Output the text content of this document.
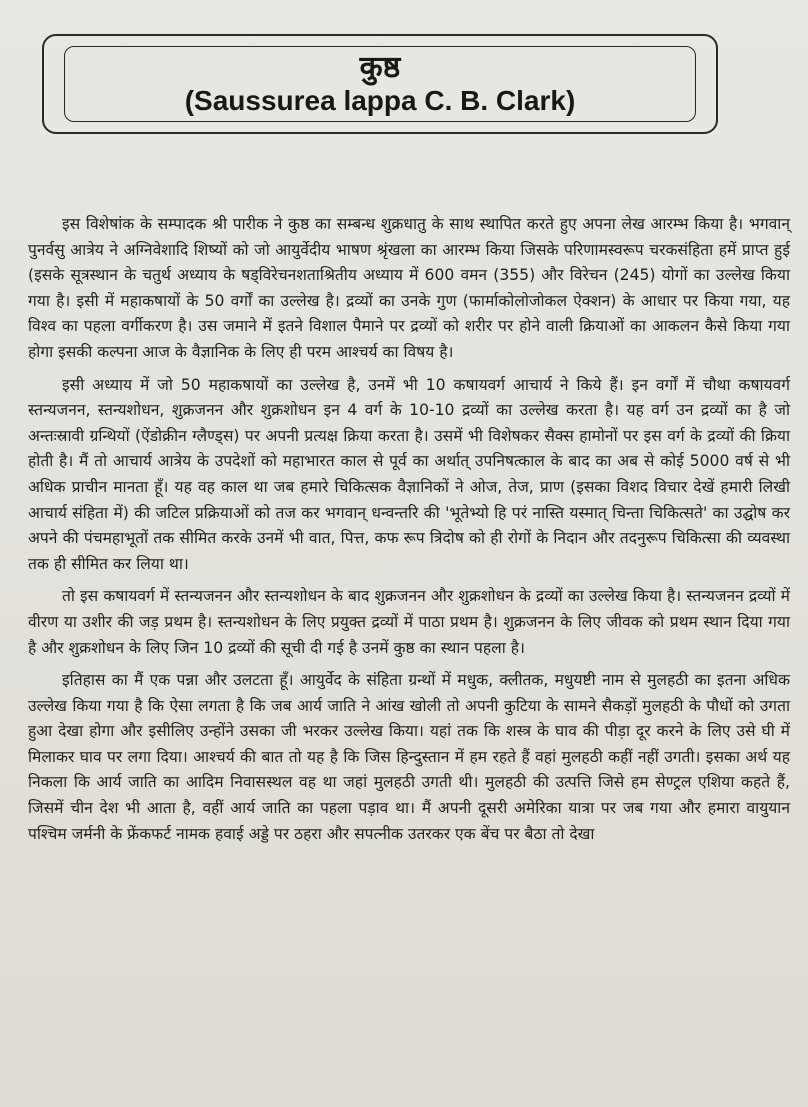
कुष्ठ
(Saussurea lappa C. B. Clark)

इस विशेषांक के सम्पादक श्री पारीक ने कुष्ठ का सम्बन्ध शुक्रधातु के साथ स्थापित करते हुए अपना लेख आरम्भ किया है। भगवान् पुनर्वसु आत्रेय ने अग्निवेशादि शिष्यों को जो आयुर्वेदीय भाषण श्रृंखला का आरम्भ किया जिसके परिणामस्वरूप चरकसंहिता हमें प्राप्त हुई (इसके सूत्रस्थान के चतुर्थ अध्याय के षड्विरेचनशताश्रितीय अध्याय में 600 वमन (355) और विरेचन (245) योगों का उल्लेख किया गया है। इसी में महाकषायों के 50 वर्गों का उल्लेख है। द्रव्यों का उनके गुण (फार्माकोलोजोकल ऐक्शन) के आधार पर किया गया, यह विश्व का पहला वर्गीकरण है। उस जमाने में इतने विशाल पैमाने पर द्रव्यों को शरीर पर होने वाली क्रियाओं का आकलन कैसे किया गया होगा इसकी कल्पना आज के वैज्ञानिक के लिए ही परम आश्चर्य का विषय है।

इसी अध्याय में जो 50 महाकषायों का उल्लेख है, उनमें भी 10 कषायवर्ग आचार्य ने किये हैं। इन वर्गों में चौथा कषायवर्ग स्तन्यजनन, स्तन्यशोधन, शुक्रजनन और शुक्रशोधन इन 4 वर्ग के 10-10 द्रव्यों का उल्लेख करता है। यह वर्ग उन द्रव्यों का है जो अन्तःस्रावी ग्रन्थियों (ऐंडोक्रीन ग्लैण्ड्स) पर अपनी प्रत्यक्ष क्रिया करता है। उसमें भी विशेषकर सैक्स हामोनों पर इस वर्ग के द्रव्यों की क्रिया होती है। मैं तो आचार्य आत्रेय के उपदेशों को महाभारत काल से पूर्व का अर्थात् उपनिषत्काल के बाद का अब से कोई 5000 वर्ष से भी अधिक प्राचीन मानता हूँ। यह वह काल था जब हमारे चिकित्सक वैज्ञानिकों ने ओज, तेज, प्राण (इसका विशद विचार देखें हमारी लिखी आचार्य संहिता में) की जटिल प्रक्रियाओं को तज कर भगवान् धन्वन्तरि की 'भूतेभ्यो हि परं नास्ति यस्मात् चिन्ता चिकित्सते' का उद्घोष कर अपने की पंचमहाभूतों तक सीमित करके उनमें भी वात, पित्त, कफ रूप त्रिदोष को ही रोगों के निदान और तदनुरूप चिकित्सा की व्यवस्था तक ही सीमित कर लिया था।

तो इस कषायवर्ग में स्तन्यजनन और स्तन्यशोधन के बाद शुक्रजनन और शुक्रशोधन के द्रव्यों का उल्लेख किया है। स्तन्यजनन द्रव्यों में वीरण या उशीर की जड़ प्रथम है। स्तन्यशोधन के लिए प्रयुक्त द्रव्यों में पाठा प्रथम है। शुक्रजनन के लिए जीवक को प्रथम स्थान दिया गया है और शुक्रशोधन के लिए जिन 10 द्रव्यों की सूची दी गई है उनमें कुष्ठ का स्थान पहला है।

इतिहास का मैं एक पन्ना और उलटता हूँ। आयुर्वेद के संहिता ग्रन्थों में मधुक, क्लीतक, मधुयष्टी नाम से मुलहठी का इतना अधिक उल्लेख किया गया है कि ऐसा लगता है कि जब आर्य जाति ने आंख खोली तो अपनी कुटिया के सामने सैकड़ों मुलहठी के पौधों को उगता हुआ देखा होगा और इसीलिए उन्होंने उसका जी भरकर उल्लेख किया। यहां तक कि शस्त्र के घाव की पीड़ा दूर करने के लिए उसे घी में मिलाकर घाव पर लगा दिया। आश्चर्य की बात तो यह है कि जिस हिन्दुस्तान में हम रहते हैं वहां मुलहठी कहीं नहीं उगती। इसका अर्थ यह निकला कि आर्य जाति का आदिम निवासस्थल वह था जहां मुलहठी उगती थी। मुलहठी की उत्पत्ति जिसे हम सेण्ट्रल एशिया कहते हैं, जिसमें चीन देश भी आता है, वहीं आर्य जाति का पहला पड़ाव था। मैं अपनी दूसरी अमेरिका यात्रा पर जब गया और हमारा वायुयान पश्चिम जर्मनी के फ्रेंकफर्ट नामक हवाई अड्डे पर ठहरा और सपत्नीक उतरकर एक बेंच पर बैठा तो देखा
